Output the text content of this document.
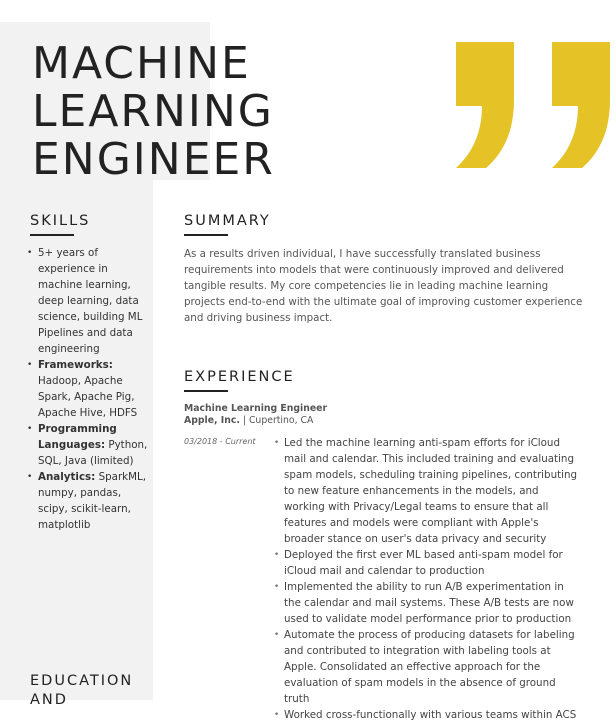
MACHINE
LEARNING
ENGINEER
SKILLS
• 5+ years of experience in machine learning, deep learning, data science, building ML Pipelines and data engineering
• Frameworks: Hadoop, Apache Spark, Apache Pig, Apache Hive, HDFS
• Programming Languages: Python, SQL, Java (limited)
• Analytics: SparkML, numpy, pandas, scipy, scikit-learn, matplotlib
SUMMARY

As a results driven individual, I have successfully translated business requirements into models that were continuously improved and delivered tangible results. My core competencies lie in leading machine learning projects end-to-end with the ultimate goal of improving customer experience and driving business impact.

EXPERIENCE
Machine Learning Engineer
Apple, Inc. | Cupertino, CA
03/2018 - Current
•	Led the machine learning anti-spam efforts for iCloud mail and calendar. This included training and evaluating spam models, scheduling training pipelines, contributing to new feature enhancements in the models, and working with Privacy/Legal teams to ensure that all features and models were compliant with Apple's broader stance on user's data privacy and security
• Deployed the first ever ML based anti-spam model for iCloud mail and calendar to production
• Implemented the ability to run A/B experimentation in the calendar and mail systems. These A/B tests are now used to validate model performance prior to production
• Automate the process of producing datasets for labeling and contributed to integration with labeling tools at Apple. Consolidated an effective approach for the evaluation of spam models in the absence of ground truth
• Worked cross-functionally with various teams within ACS
EDUCATION AND
